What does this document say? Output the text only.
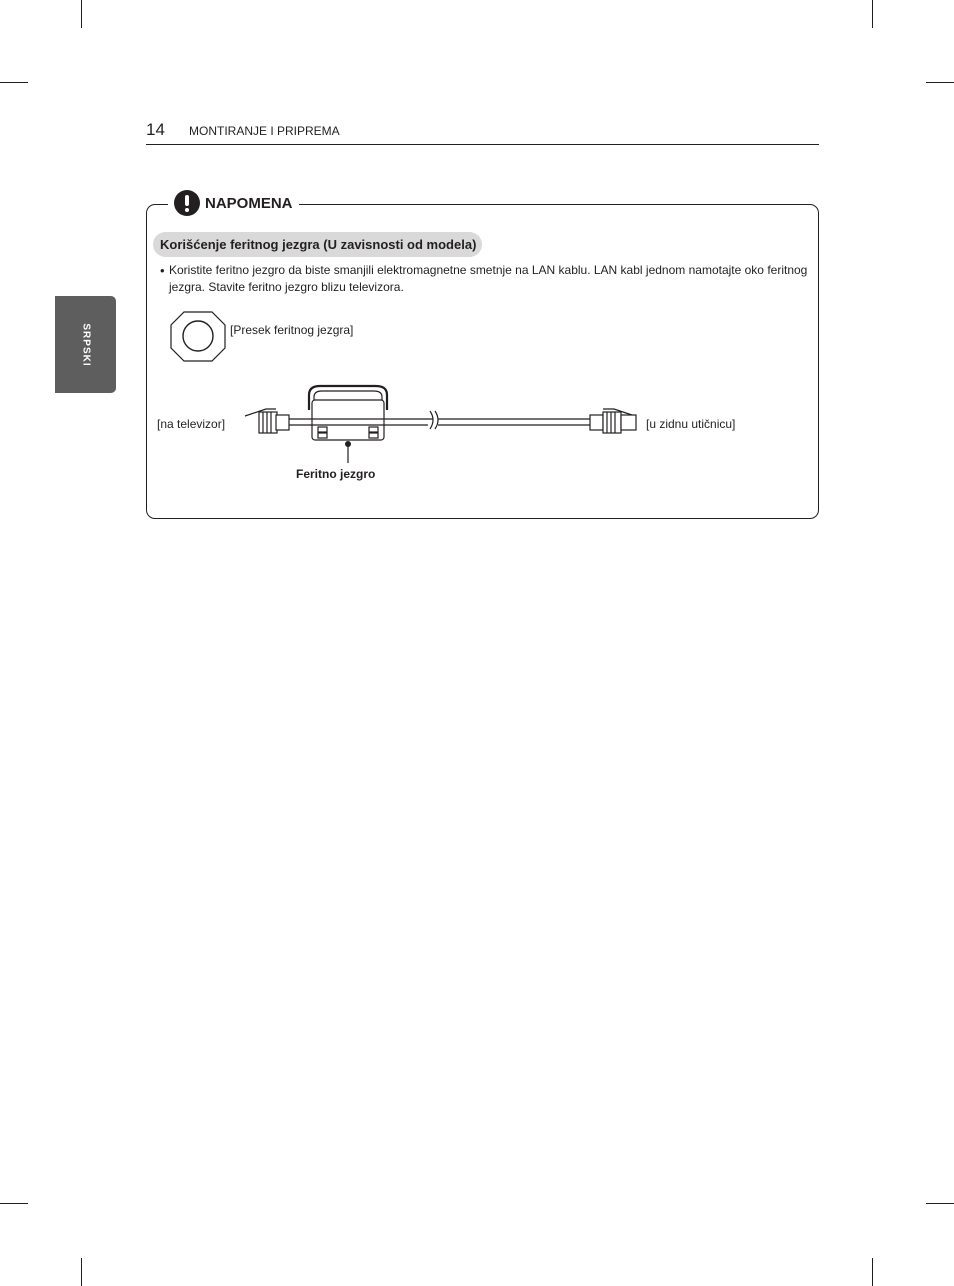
14 MONTIRANJE I PRIPREMA
SRPSKI
NAPOMENA
Korišćenje feritnog jezgra (U zavisnosti od modela)
• Koristite feritno jezgro da biste smanjili elektromagnetne smetnje na LAN kablu. LAN kabl jednom namotajte oko feritnog jezgra. Stavite feritno jezgro blizu televizora.
[Presek feritnog jezgra]
[na televizor]	[u zidnu utičnicu]
Feritno jezgro
